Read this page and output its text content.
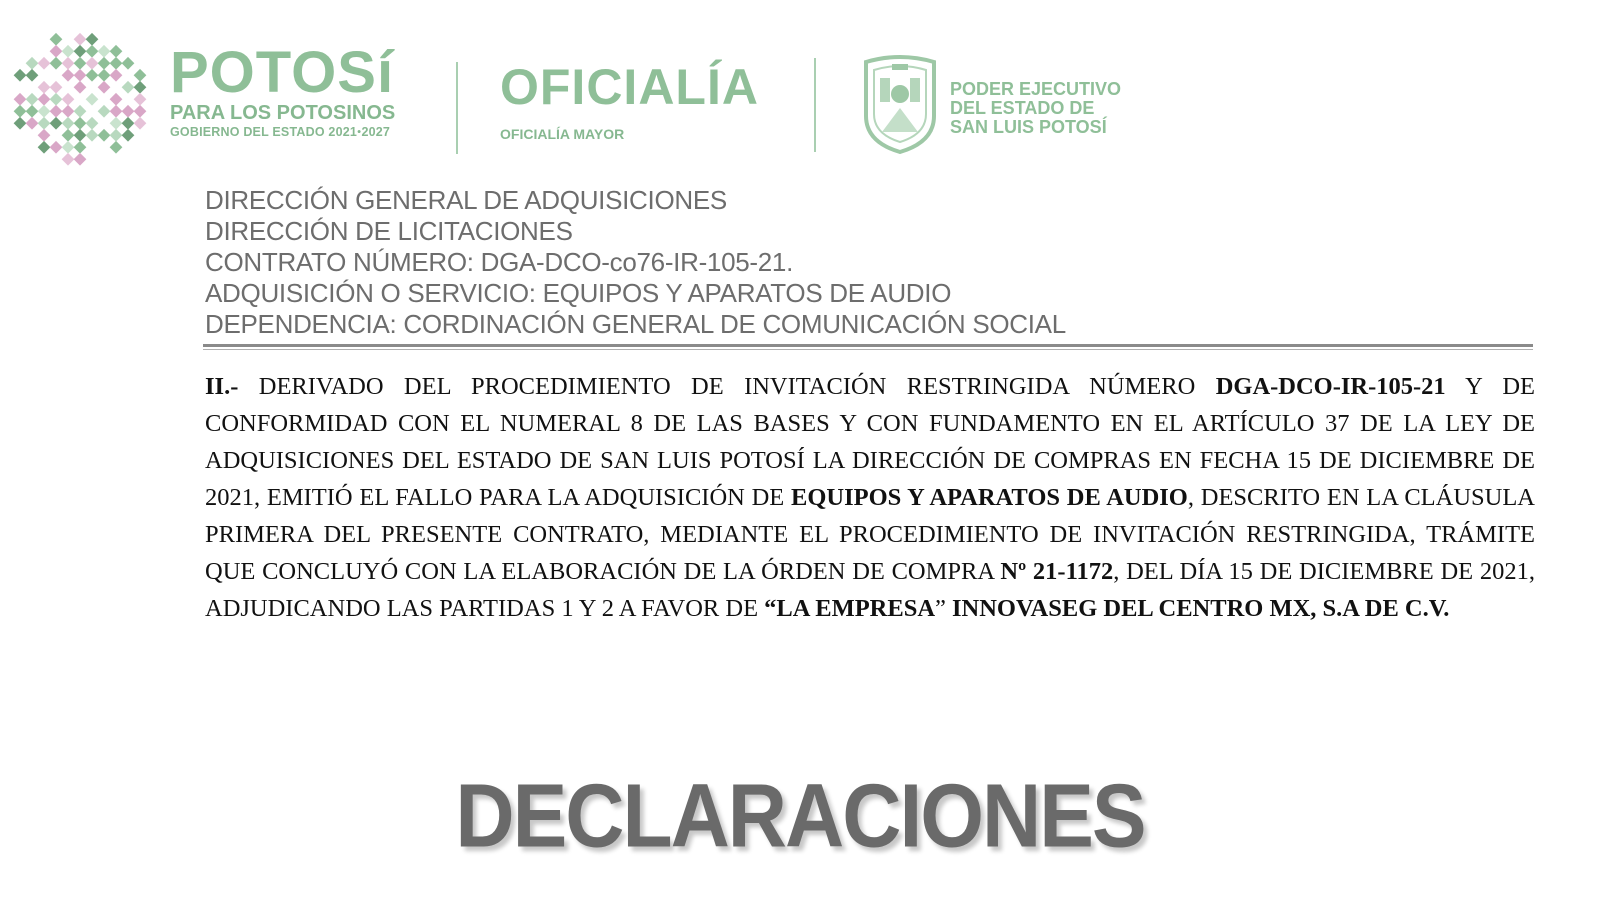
POTOSí
PARA LOS POTOSINOS
GOBIERNO DEL ESTADO 2021●2027
OFICIALÍA
OFICIALÍA MAYOR
PODER EJECUTIVO
DEL ESTADO DE
SAN LUIS POTOSÍ
DIRECCIÓN GENERAL DE ADQUISICIONES
DIRECCIÓN DE LICITACIONES
CONTRATO NÚMERO: DGA-DCO-co76-IR-105-21.
ADQUISICIÓN O SERVICIO: EQUIPOS Y APARATOS DE AUDIO
DEPENDENCIA: CORDINACIÓN GENERAL DE COMUNICACIÓN SOCIAL
II.- DERIVADO DEL PROCEDIMIENTO DE INVITACIÓN RESTRINGIDA NÚMERO DGA-DCO-IR-105-21 Y DE CONFORMIDAD CON EL NUMERAL 8 DE LAS BASES Y CON FUNDAMENTO EN EL ARTÍCULO 37 DE LA LEY DE ADQUISICIONES DEL ESTADO DE SAN LUIS POTOSÍ LA DIRECCIÓN DE COMPRAS EN FECHA 15 DE DICIEMBRE DE 2021, EMITIÓ EL FALLO PARA LA ADQUISICIÓN DE EQUIPOS Y APARATOS DE AUDIO, DESCRITO EN LA CLÁUSULA PRIMERA DEL PRESENTE CONTRATO, MEDIANTE EL PROCEDIMIENTO DE INVITACIÓN RESTRINGIDA, TRÁMITE QUE CONCLUYÓ CON LA ELABORACIÓN DE LA ÓRDEN DE COMPRA Nº 21-1172, DEL DÍA 15 DE DICIEMBRE DE 2021, ADJUDICANDO LAS PARTIDAS 1 Y 2 A FAVOR DE “LA EMPRESA” INNOVASEG DEL CENTRO MX, S.A DE C.V.
DECLARACIONES
